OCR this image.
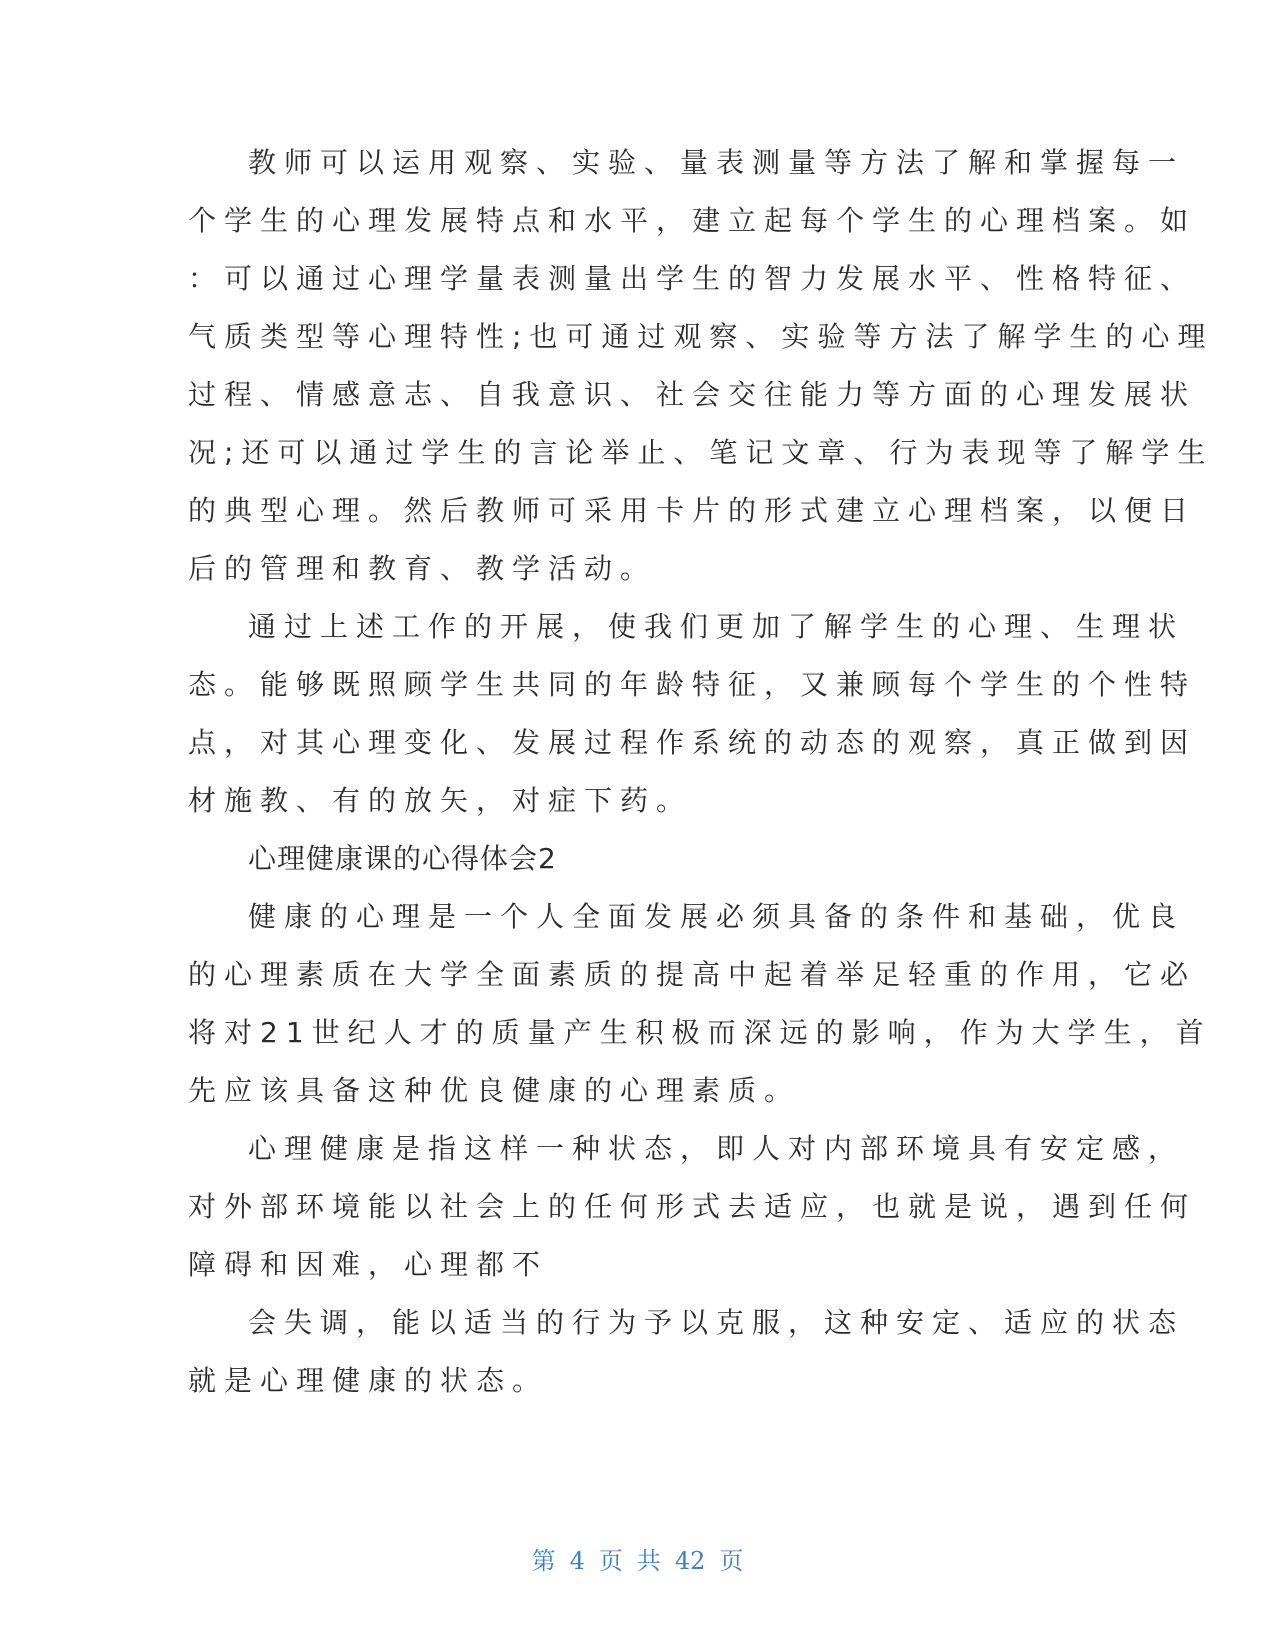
教师可以运用观察、实验、量表测量等方法了解和掌握每一
个学生的心理发展特点和水平，建立起每个学生的心理档案。如
：可以通过心理学量表测量出学生的智力发展水平、性格特征、
气质类型等心理特性;也可通过观察、实验等方法了解学生的心理
过程、情感意志、自我意识、社会交往能力等方面的心理发展状
况;还可以通过学生的言论举止、笔记文章、行为表现等了解学生
的典型心理。然后教师可采用卡片的形式建立心理档案，以便日
后的管理和教育、教学活动。
通过上述工作的开展，使我们更加了解学生的心理、生理状
态。能够既照顾学生共同的年龄特征，又兼顾每个学生的个性特
点，对其心理变化、发展过程作系统的动态的观察，真正做到因
材施教、有的放矢，对症下药。
心理健康课的心得体会2
健康的心理是一个人全面发展必须具备的条件和基础，优良
的心理素质在大学全面素质的提高中起着举足轻重的作用，它必
将对21世纪人才的质量产生积极而深远的影响，作为大学生，首
先应该具备这种优良健康的心理素质。
心理健康是指这样一种状态，即人对内部环境具有安定感，
对外部环境能以社会上的任何形式去适应，也就是说，遇到任何
障碍和因难，心理都不
会失调，能以适当的行为予以克服，这种安定、适应的状态
就是心理健康的状态。
第 4 页 共 42 页
